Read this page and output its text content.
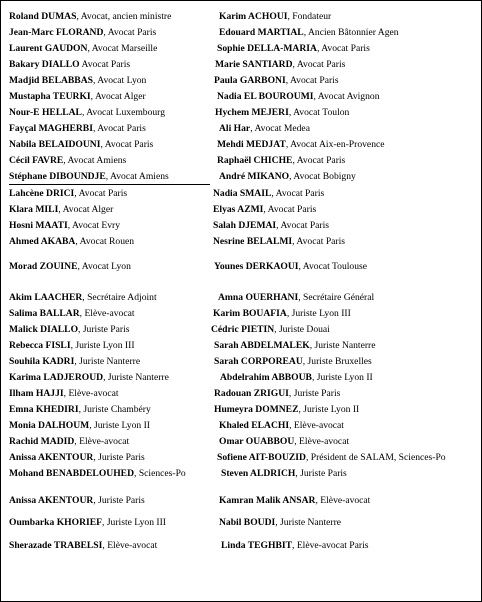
Roland DUMAS, Avocat, ancien ministre	Karim ACHOUI, Fondateur
Jean-Marc FLORAND, Avocat Paris	Edouard MARTIAL, Ancien Bâtonnier Agen
Laurent GAUDON, Avocat Marseille	Sophie DELLA-MARIA, Avocat Paris
Bakary DIALLO Avocat Paris	Marie SANTIARD, Avocat Paris
Madjid BELABBAS, Avocat Lyon	Paula GARBONI, Avocat Paris
Mustapha TEURKI, Avocat Alger	Nadia EL BOUROUMI, Avocat Avignon
Nour-E HELLAL, Avocat Luxembourg	Hychem MEJERI, Avocat Toulon
Fayçal MAGHERBI, Avocat Paris	Ali Har, Avocat Medea
Nabila BELAIDOUNI, Avocat Paris	Mehdi MEDJAT, Avocat Aix-en-Provence
Cécil FAVRE, Avocat Amiens	Raphaël CHICHE, Avocat Paris
Stéphane DIBOUNDJE, Avocat Amiens	André MIKANO, Avocat Bobigny
Lahcène DRICI, Avocat Paris	Nadia SMAIL, Avocat Paris
Klara MILI, Avocat Alger	Elyas AZMI, Avocat Paris
Hosni MAATI, Avocat Evry	Salah DJEMAI, Avocat Paris
Ahmed AKABA, Avocat Rouen	Nesrine BELALMI, Avocat Paris
Morad ZOUINE, Avocat Lyon	Younes DERKAOUI, Avocat Toulouse
Akim LAACHER, Secrétaire Adjoint	Amna OUERHANI, Secrétaire Général
Salima BALLAR, Elève-avocat	Karim BOUAFIA, Juriste Lyon III
Malick DIALLO, Juriste Paris	Cédric PIETIN, Juriste Douai
Rebecca FISLI, Juriste Lyon III	Sarah ABDELMALEK, Juriste Nanterre
Souhila KADRI, Juriste Nanterre	Sarah CORPOREAU, Juriste Bruxelles
Karima LADJEROUD, Juriste Nanterre	Abdelrahim ABBOUB, Juriste Lyon II
Ilham HAJJI, Elève-avocat	Radouan ZRIGUI, Juriste Paris
Emna KHEDIRI, Juriste Chambéry	Humeyra DOMNEZ, Juriste Lyon II
Monia DALHOUM, Juriste Lyon II	Khaled ELACHI, Elève-avocat
Rachid MADID, Elève-avocat	Omar OUABBOU, Elève-avocat
Anissa AKENTOUR, Juriste Paris	Sofiene AIT-BOUZID, Président de SALAM, Sciences-Po
Mohand BENABDELOUHED, Sciences-Po	Steven ALDRICH, Juriste Paris
Anissa AKENTOUR, Juriste Paris	Kamran Malik ANSAR, Elève-avocat
Oumbarka KHORIEF, Juriste Lyon III	Nabil BOUDI, Juriste Nanterre
Sherazade TRABELSI, Elève-avocat	Linda TEGHBIT, Elève-avocat Paris
